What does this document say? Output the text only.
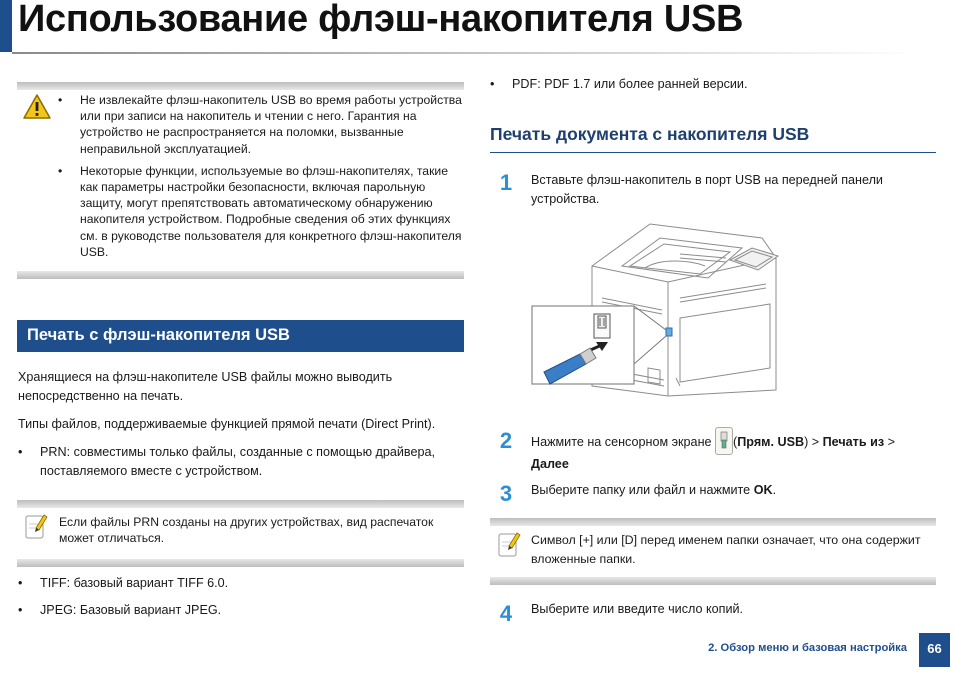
Использование флэш-накопителя USB
• Не извлекайте флэш-накопитель USB во время работы устройства или при записи на накопитель и чтении с него. Гарантия на устройство не распространяется на поломки, вызванные неправильной эксплуатацией.
• Некоторые функции, используемые во флэш-накопителях, такие как параметры настройки безопасности, включая парольную защиту, могут препятствовать автоматическому обнаружению накопителя устройством. Подробные сведения об этих функциях см. в руководстве пользователя для конкретного флэш-накопителя USB.
Печать с флэш-накопителя USB
Хранящиеся на флэш-накопителе USB файлы можно выводить непосредственно на печать.
Типы файлов, поддерживаемые функцией прямой печати (Direct Print).
• PRN: совместимы только файлы, созданные с помощью драйвера, поставляемого вместе с устройством.
Если файлы PRN созданы на других устройствах, вид распечаток может отличаться.
• TIFF: базовый вариант TIFF 6.0.
• JPEG: Базовый вариант JPEG.
• PDF: PDF 1.7 или более ранней версии.
Печать документа с накопителя USB
1	Вставьте флэш-накопитель в порт USB на передней панели устройства.
2	Нажмите на сенсорном экране (Прям. USB) > Печать из >
Далее
3	Выберите папку или файл и нажмите OK.
Символ [+] или [D] перед именем папки означает, что она содержит вложенные папки.
4	Выберите или введите число копий.
2. Обзор меню и базовая настройка	66
